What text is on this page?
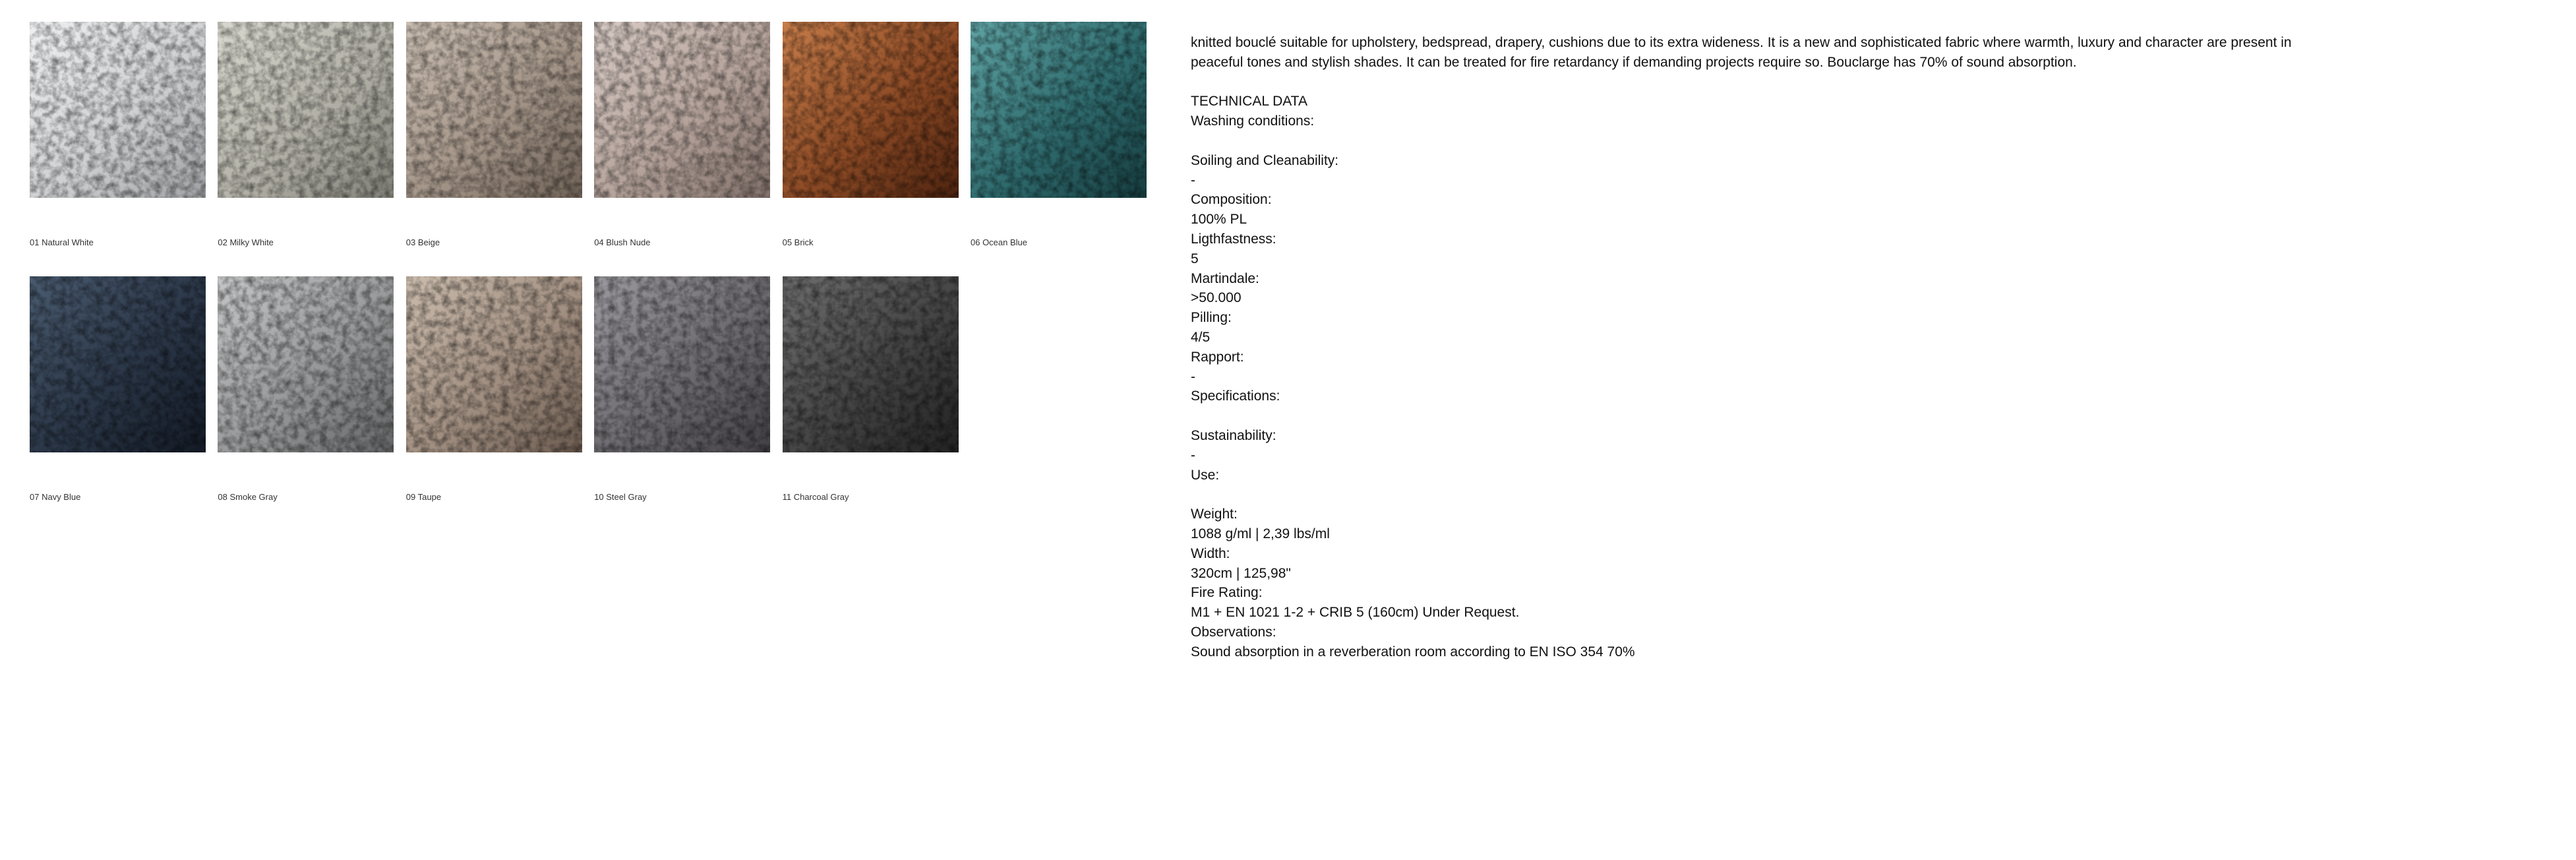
01 Natural White	02 Milky White	03 Beige	04 Blush Nude	05 Brick	06 Ocean Blue
07 Navy Blue	08 Smoke Gray	09 Taupe	10 Steel Gray	11 Charcoal Gray

knitted bouclé suitable for upholstery, bedspread, drapery, cushions due to its extra wideness. It is a new and sophisticated fabric where warmth, luxury and character are present in peaceful tones and stylish shades. It can be treated for fire retardancy if demanding projects require so. Bouclarge has 70% of sound absorption.

TECHNICAL DATA
Washing conditions:
Soiling and Cleanability:
-
Composition:
100% PL
Ligthfastness:
5
Martindale:
>50.000
Pilling:
4/5
Rapport:
-
Specifications:
Sustainability:
-
Use:
Weight:
1088 g/ml | 2,39 lbs/ml
Width:
320cm | 125,98"
Fire Rating:
M1 + EN 1021 1-2 + CRIB 5 (160cm) Under Request.
Observations:
Sound absorption in a reverberation room according to EN ISO 354 70%
